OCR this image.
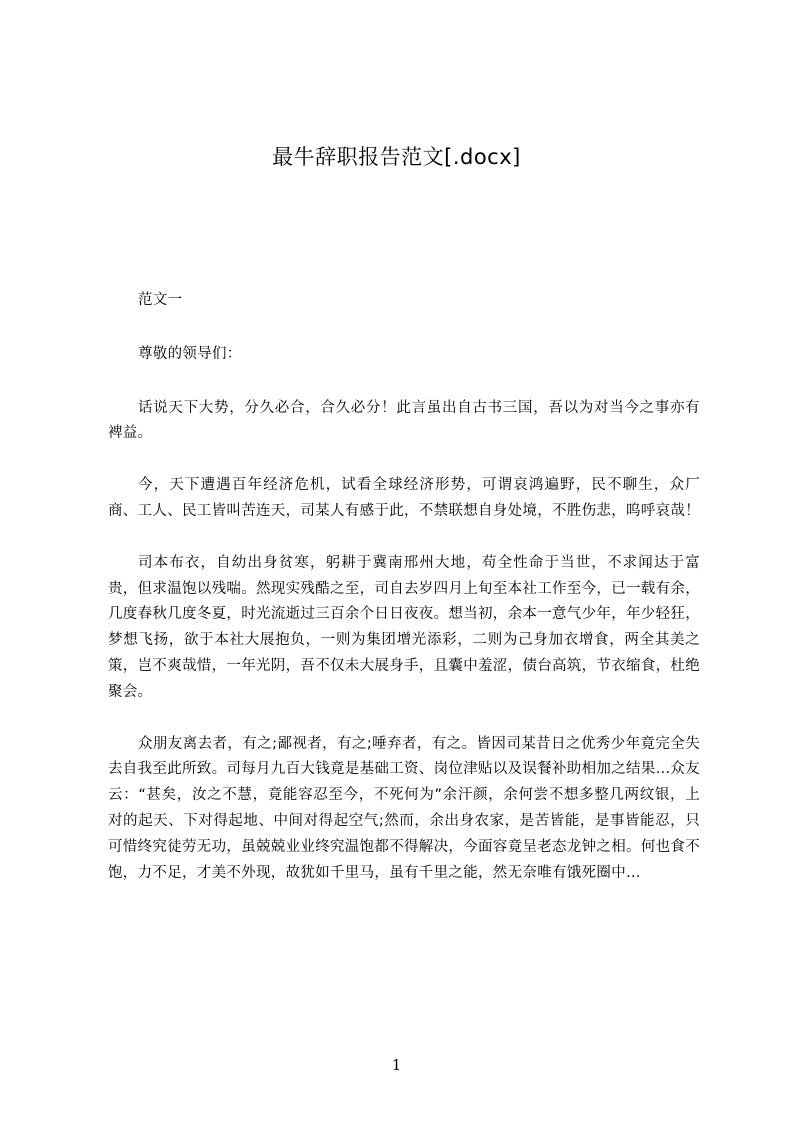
最牛辞职报告范文[.docx]

范文一

尊敬的领导们：

话说天下大势，分久必合，合久必分！此言虽出自古书三国，吾以为对当今之事亦有裨益。

今，天下遭遇百年经济危机，试看全球经济形势，可谓哀鸿遍野，民不聊生，众厂商、工人、民工皆叫苦连天，司某人有感于此，不禁联想自身处境，不胜伤悲，呜呼哀哉！

司本布衣，自幼出身贫寒，躬耕于冀南邢州大地，苟全性命于当世，不求闻达于富贵，但求温饱以残喘。然现实残酷之至，司自去岁四月上旬至本社工作至今，已一载有余，几度春秋几度冬夏，时光流逝过三百余个日日夜夜。想当初，余本一意气少年，年少轻狂，梦想飞扬，欲于本社大展抱负，一则为集团增光添彩，二则为己身加衣增食，两全其美之策，岂不爽哉惜，一年光阴，吾不仅未大展身手，且囊中羞涩，债台高筑，节衣缩食，杜绝聚会。

众朋友离去者，有之;鄙视者，有之;唾弃者，有之。皆因司某昔日之优秀少年竟完全失去自我至此所致。司每月九百大钱竟是基础工资、岗位津贴以及误餐补助相加之结果…众友云：“甚矣，汝之不慧，竟能容忍至今，不死何为”余汗颜，余何尝不想多整几两纹银，上对的起天、下对得起地、中间对得起空气;然而，余出身农家，是苦皆能，是事皆能忍，只可惜终究徒劳无功，虽兢兢业业终究温饱都不得解决，今面容竟呈老态龙钟之相。何也食不饱，力不足，才美不外现，故犹如千里马，虽有千里之能，然无奈唯有饿死圈中…

1
